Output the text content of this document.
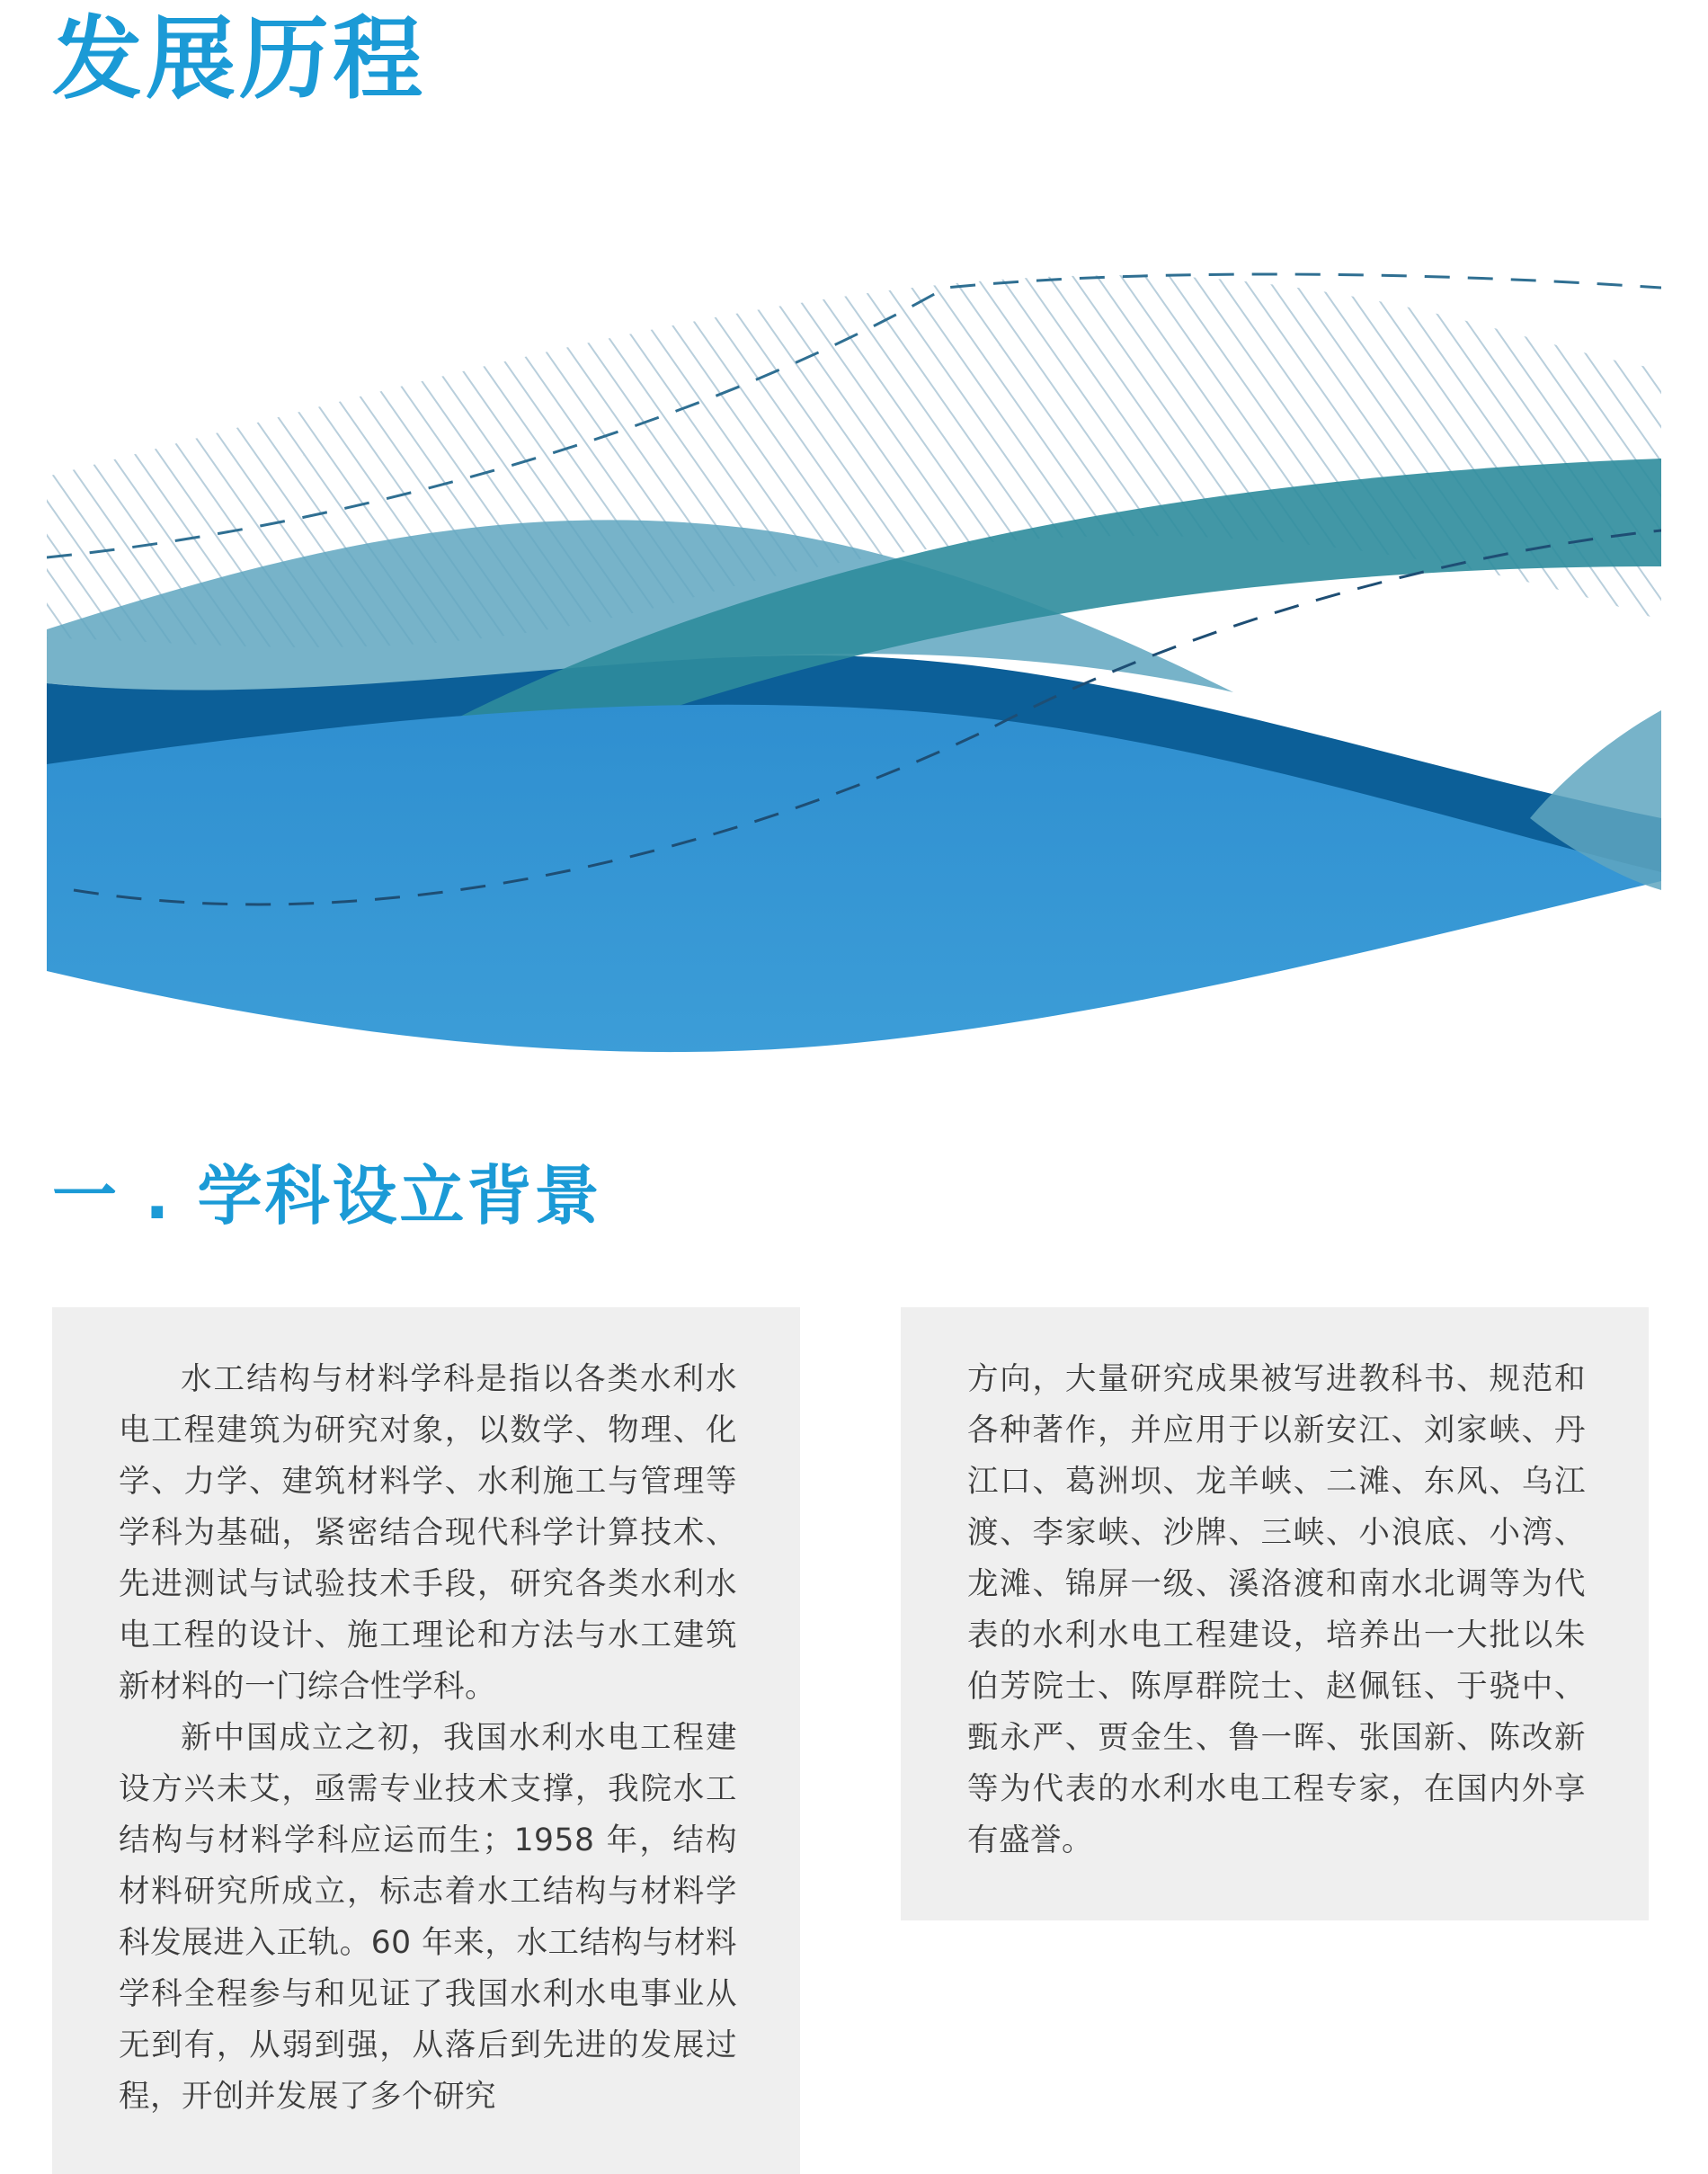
发展历程
一 . 学科设立背景

水工结构与材料学科是指以各类水利水电工程建筑为研究对象，以数学、物理、化学、力学、建筑材料学、水利施工与管理等学科为基础，紧密结合现代科学计算技术、先进测试与试验技术手段，研究各类水利水电工程的设计、施工理论和方法与水工建筑新材料的一门综合性学科。

新中国成立之初，我国水利水电工程建设方兴未艾，亟需专业技术支撑，我院水工结构与材料学科应运而生；1958 年，结构材料研究所成立，标志着水工结构与材料学科发展进入正轨。60 年来，水工结构与材料学科全程参与和见证了我国水利水电事业从无到有，从弱到强，从落后到先进的发展过程，开创并发展了多个研究

方向，大量研究成果被写进教科书、规范和各种著作，并应用于以新安江、刘家峡、丹江口、葛洲坝、龙羊峡、二滩、东风、乌江渡、李家峡、沙牌、三峡、小浪底、小湾、龙滩、锦屏一级、溪洛渡和南水北调等为代表的水利水电工程建设，培养出一大批以朱伯芳院士、陈厚群院士、赵佩钰、于骁中、甄永严、贾金生、鲁一晖、张国新、陈改新等为代表的水利水电工程专家，在国内外享有盛誉。
